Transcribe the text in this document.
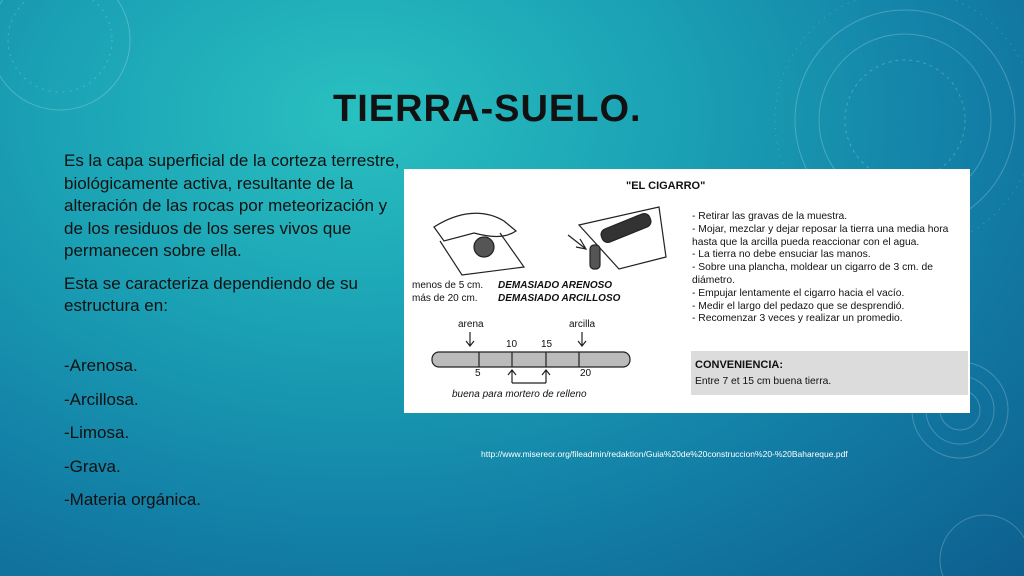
TIERRA-SUELO.

Es la capa superficial de la corteza terrestre, biológicamente activa, resultante de la alteración de las rocas por meteorización y de los residuos de los seres vivos que permanecen sobre ella.

Esta se caracteriza dependiendo de su estructura en:

-Arenosa.
-Arcillosa.
-Limosa.
-Grava.
-Materia orgánica.
"EL CIGARRO"
- Retirar las gravas de la muestra.
- Mojar, mezclar y dejar reposar la tierra una media hora
hasta que la arcilla pueda reaccionar con el agua.
- La tierra no debe ensuciar las manos.
- Sobre una plancha, moldear un cigarro de 3 cm. de
diámetro.
- Empujar lentamente el cigarro hacia el vacío.
- Medir el largo del pedazo que se desprendió.
- Recomenzar 3 veces y realizar un promedio.
menos de 5 cm.
más de 20 cm.
DEMASIADO ARENOSO
DEMASIADO ARCILLOSO
arena	arcilla
10 15
5	20
buena para mortero de relleno
CONVENIENCIA:
Entre 7 et 15 cm buena tierra.
http://www.misereor.org/fileadmin/redaktion/Guia%20de%20construccion%20-%20Bahareque.pdf
